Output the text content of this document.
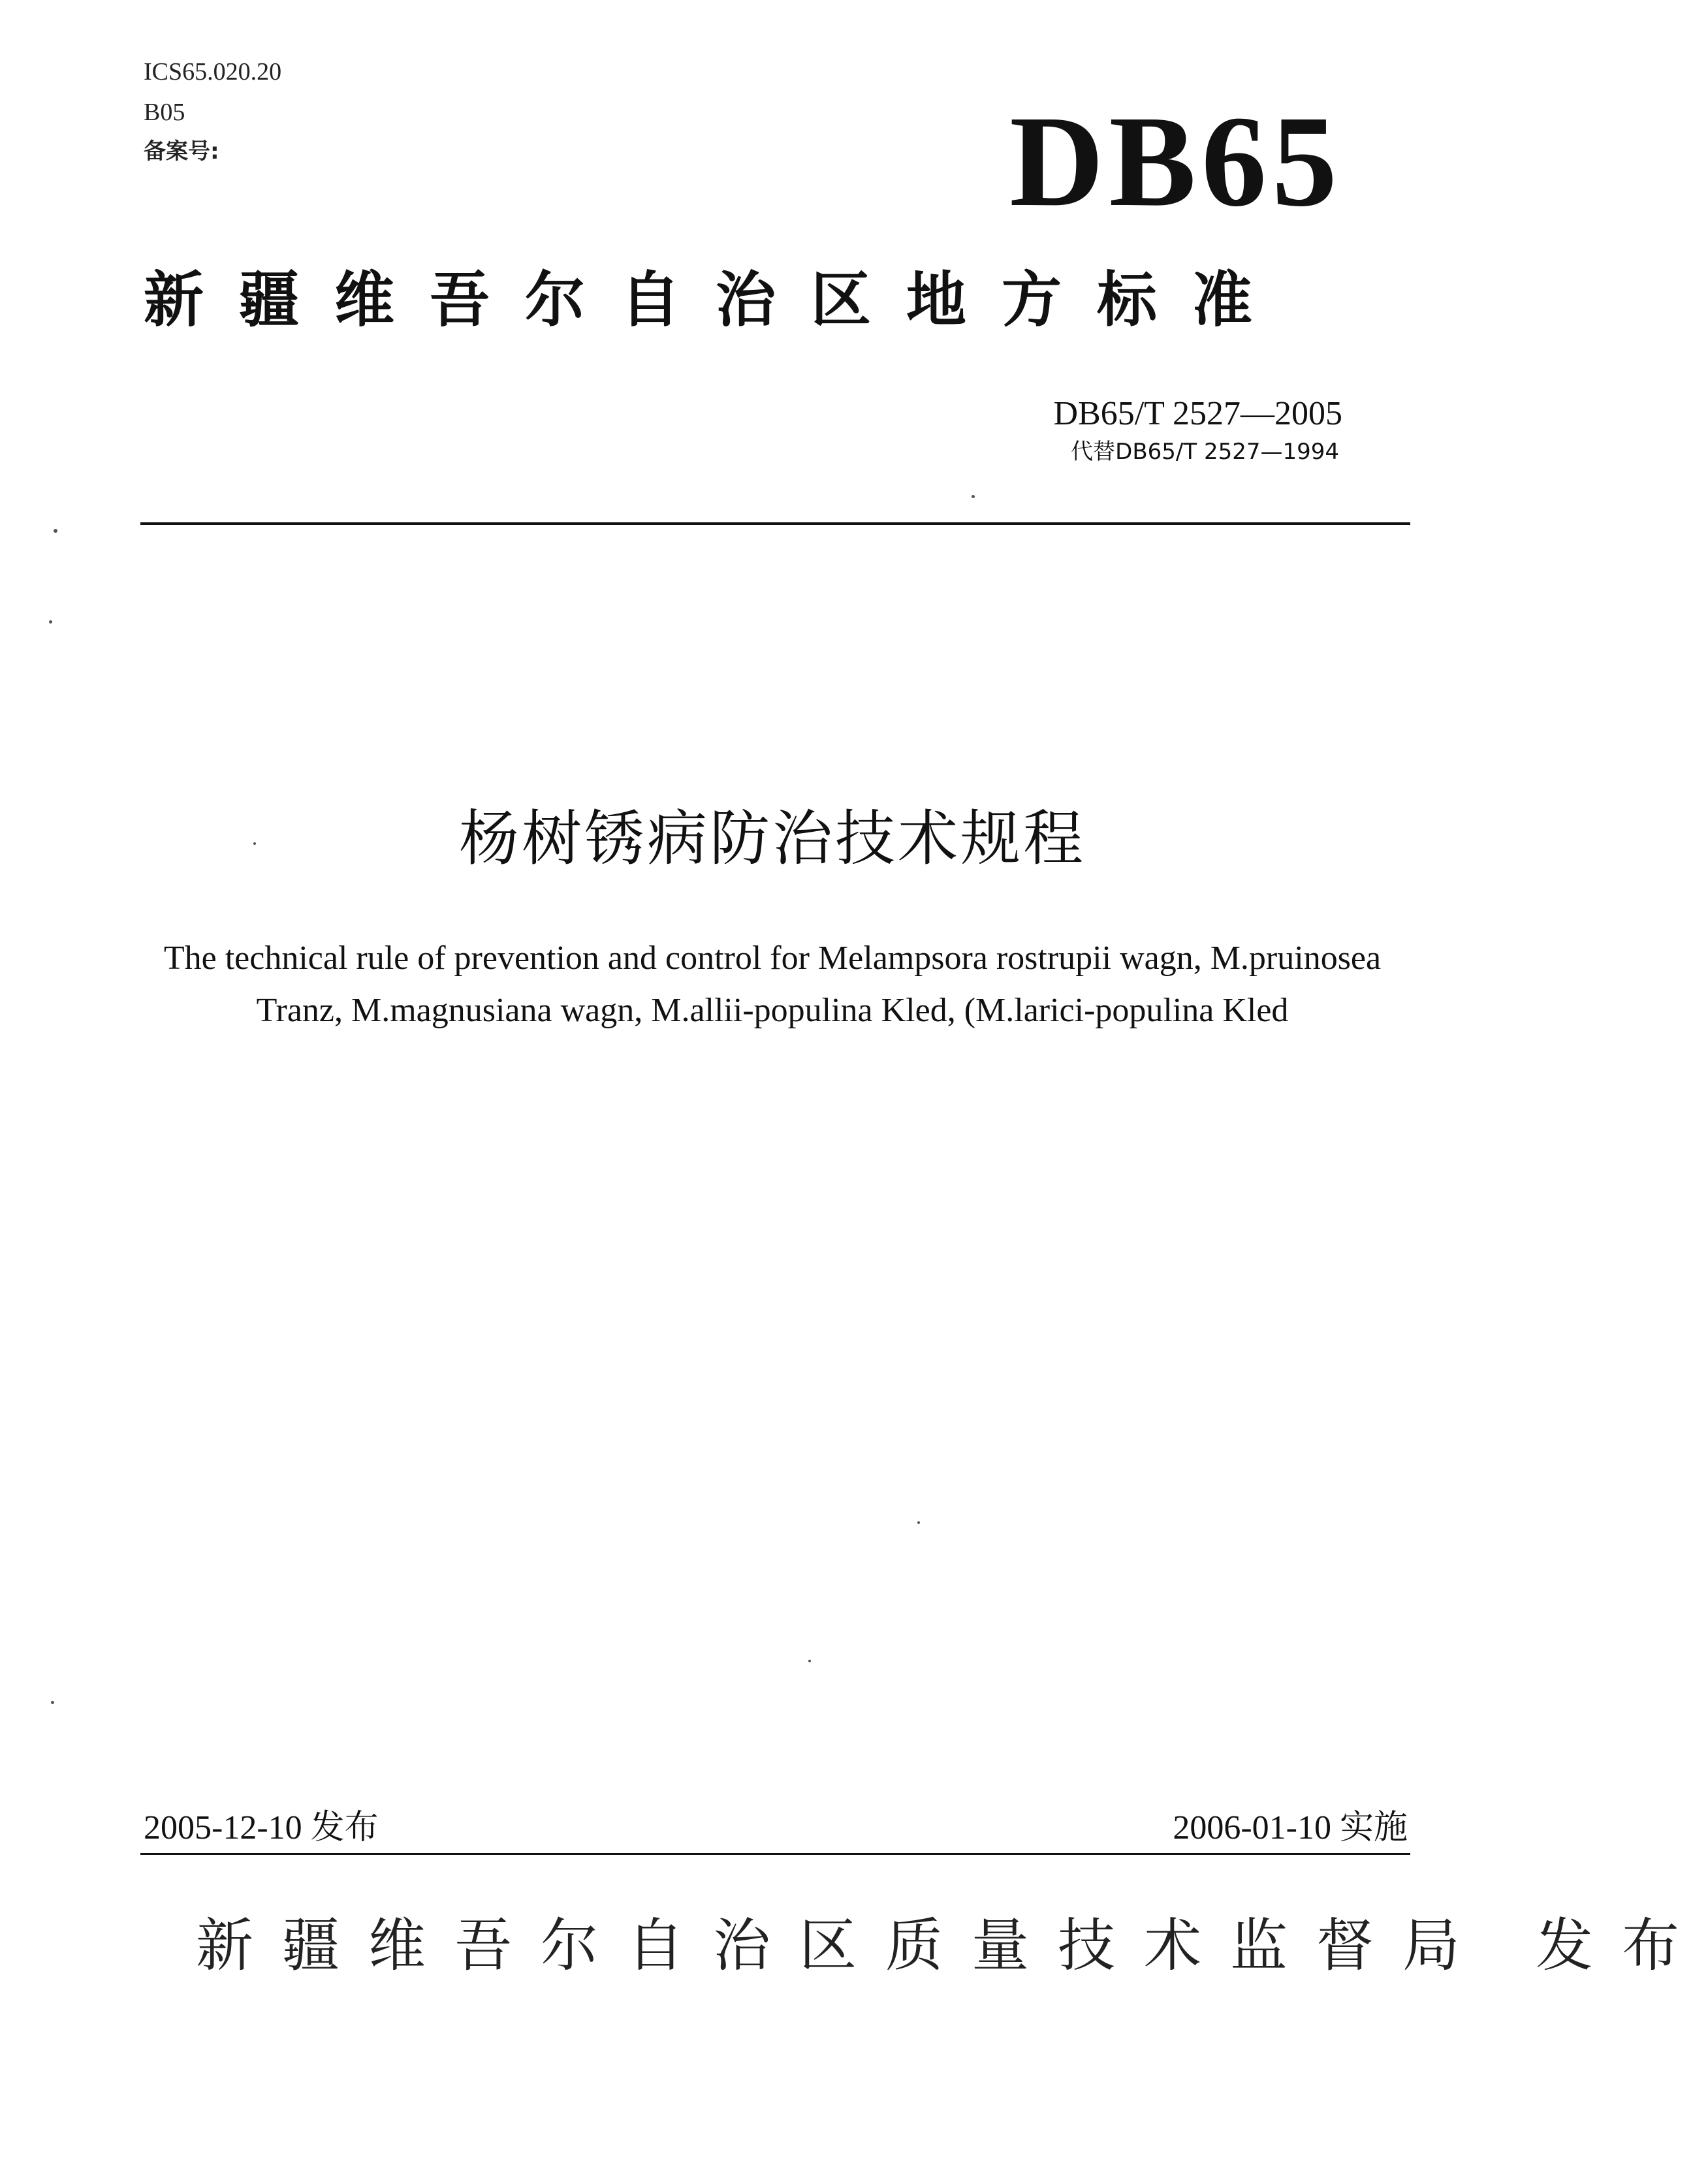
ICS65.020.20
B05
备案号:	DB65
新疆维吾尔自治区地方标准
DB65/T 2527—2005
代替DB65/T 2527—1994
杨树锈病防治技术规程
The technical rule of prevention and control for Melampsora rostrupii wagn, M.pruinosea Tranz, M.magnusiana wagn, M.allii-populina Kled, (M.larici-populina Kled
2005-12-10 发布	2006-01-10 实施
新疆维吾尔自治区质量技术监督局 发布
